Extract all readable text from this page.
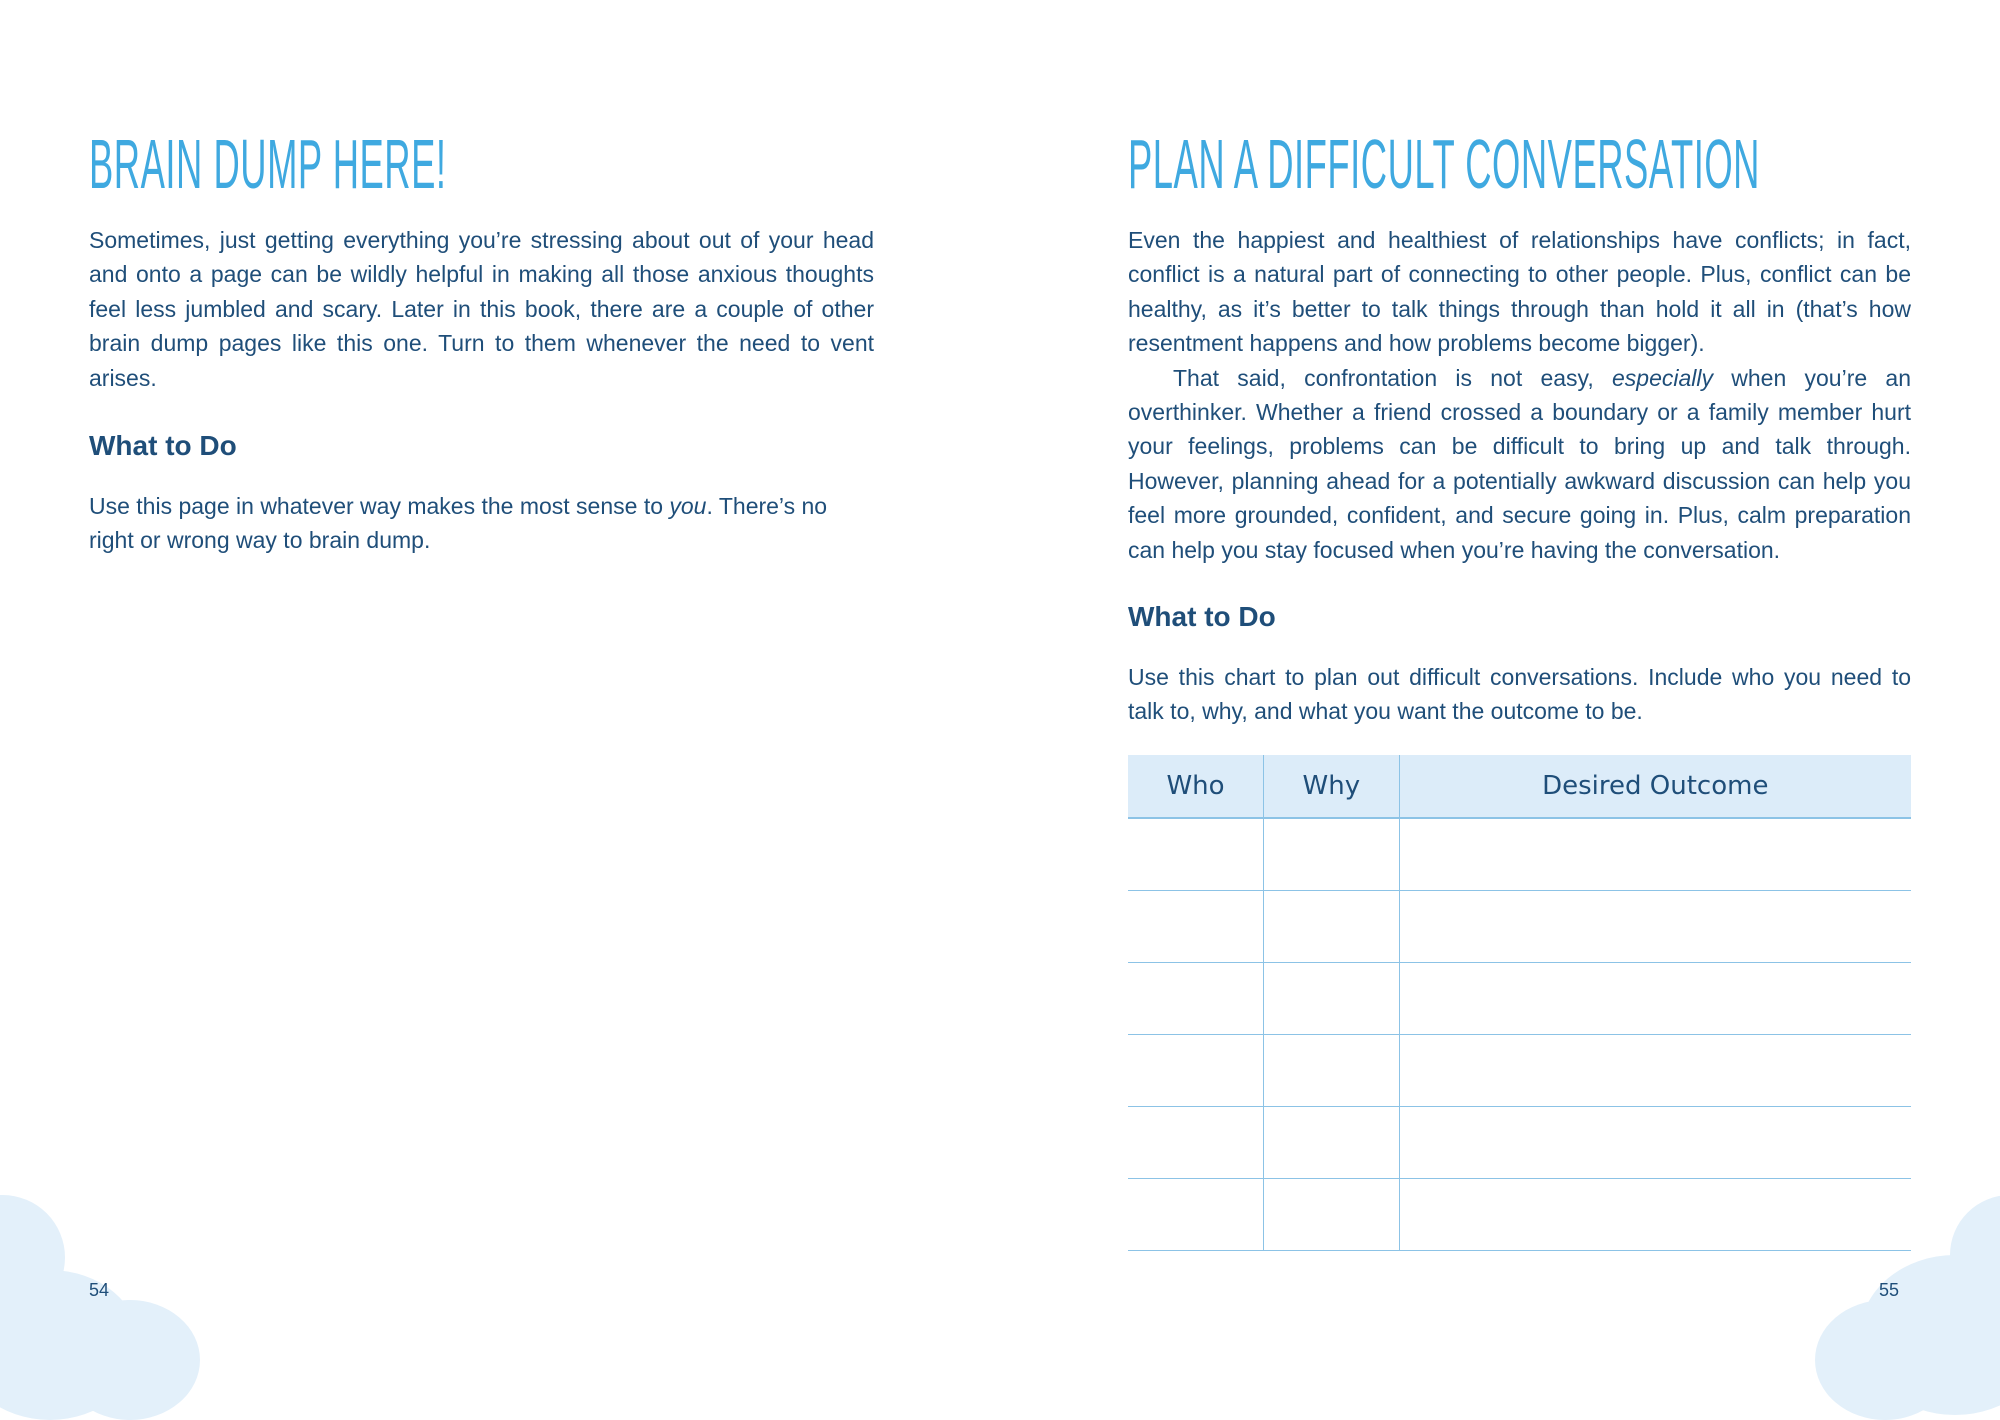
BRAIN DUMP HERE!

Sometimes, just getting everything you’re stressing about out of your head and onto a page can be wildly helpful in making all those anxious thoughts feel less jumbled and scary. Later in this book, there are a couple of other brain dump pages like this one. Turn to them whenever the need to vent arises.

What to Do

Use this page in whatever way makes the most sense to you. There’s no right or wrong way to brain dump.

54
PLAN A DIFFICULT CONVERSATION

Even the happiest and healthiest of relationships have conflicts; in fact, conflict is a natural part of connecting to other people. Plus, conflict can be healthy, as it’s better to talk things through than hold it all in (that’s how resentment happens and how problems become bigger).

That said, confrontation is not easy, especially when you’re an overthinker. Whether a friend crossed a boundary or a family member hurt your feelings, problems can be difficult to bring up and talk through. However, planning ahead for a potentially awkward discussion can help you feel more grounded, confident, and secure going in. Plus, calm preparation can help you stay focused when you’re having the conversation.

What to Do

Use this chart to plan out difficult conversations. Include who you need to talk to, why, and what you want the outcome to be.

Who	Why	Desired Outcome

55
